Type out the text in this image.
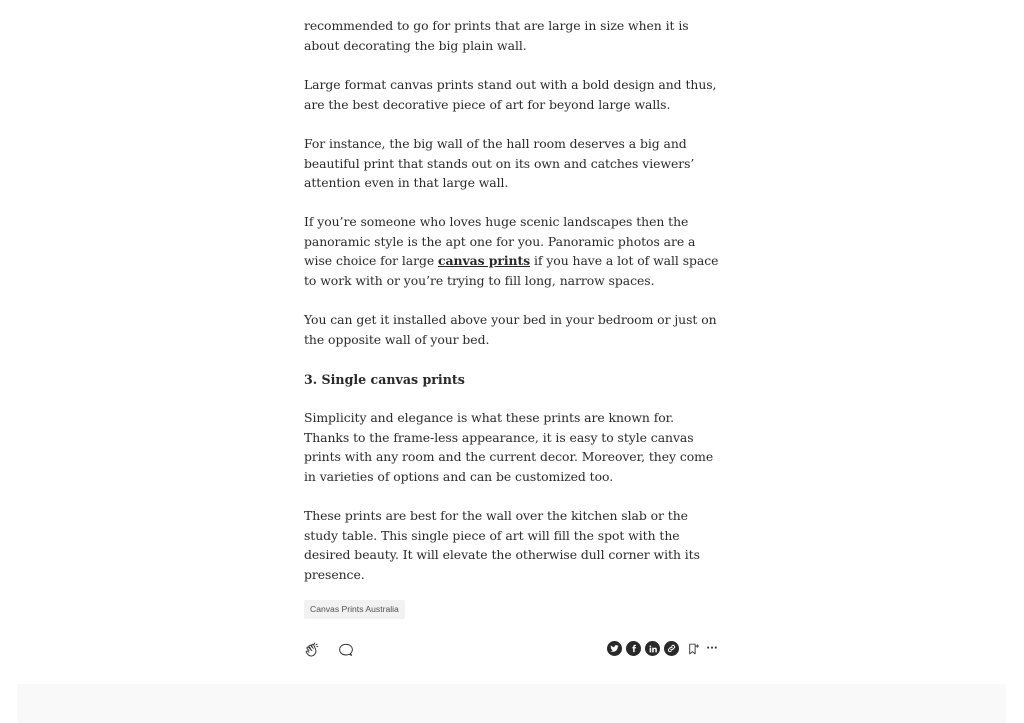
recommended to go for prints that are large in size when it is about decorating the big plain wall.

Large format canvas prints stand out with a bold design and thus, are the best decorative piece of art for beyond large walls.

For instance, the big wall of the hall room deserves a big and beautiful print that stands out on its own and catches viewers’ attention even in that large wall.

If you’re someone who loves huge scenic landscapes then the panoramic style is the apt one for you. Panoramic photos are a wise choice for large canvas prints if you have a lot of wall space to work with or you’re trying to fill long, narrow spaces.

You can get it installed above your bed in your bedroom or just on the opposite wall of your bed.

3. Single canvas prints

Simplicity and elegance is what these prints are known for. Thanks to the frame-less appearance, it is easy to style canvas prints with any room and the current decor. Moreover, they come in varieties of options and can be customized too.

These prints are best for the wall over the kitchen slab or the study table. This single piece of art will fill the spot with the desired beauty. It will elevate the otherwise dull corner with its presence.

Canvas Prints Australia
···
